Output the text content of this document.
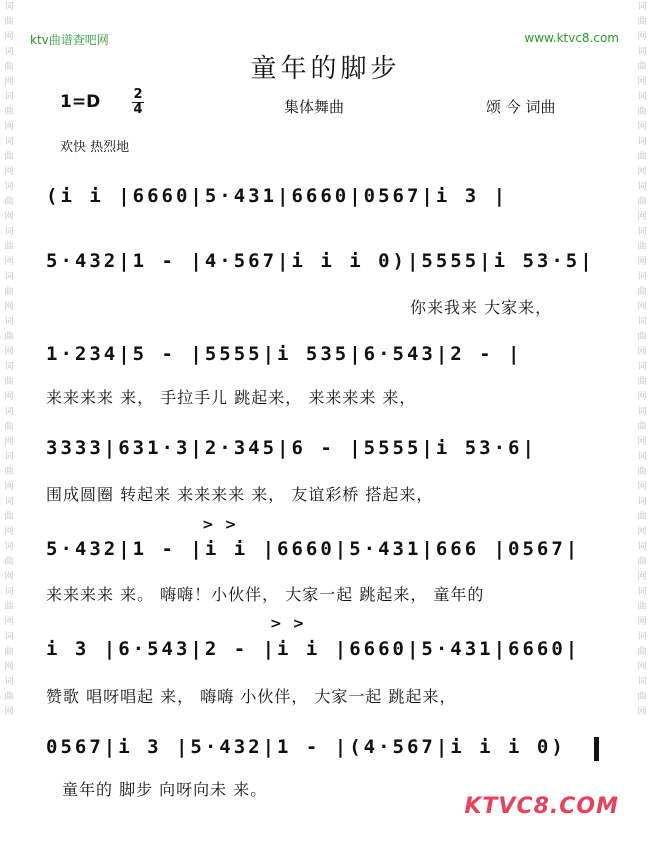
ktv曲谱查吧网	www.ktvc8.com
词曲网词曲网词曲网词曲网词曲网词曲网词曲网词曲网词曲网词曲网词曲网词曲网词曲网词曲网词曲网词曲网
词曲网词曲网词曲网词曲网词曲网词曲网词曲网词曲网词曲网词曲网词曲网词曲网词曲网词曲网词曲网词曲网
童年的脚步
1=D	2
4	集体舞曲	颂 今 词曲
欢快 热烈地
(i i |6660|5·431|6660|0567|i 3 |
5·432|1 - |4·567|i i i 0)|5555|i 53·5|
你来我来 大家来，
1·234|5 - |5555|i 535|6·543|2 - |
来来来来 来， 手拉手儿 跳起来， 来来来来 来，
3333|631·3|2·345|6 - |5555|i 53·6|
围成圆圈 转起来 来来来来 来， 友谊彩桥 搭起来，
> >
5·432|1 - |i i |6660|5·431|666 |0567|
来来来来 来。 嗨嗨！小伙伴， 大家一起 跳起来， 童年的
> >
i 3 |6·543|2 - |i i |6660|5·431|6660|
赞歌 唱呀唱起 来， 嗨嗨 小伙伴， 大家一起 跳起来，
0567|i 3 |5·432|1 - |(4·567|i i i 0)
童年的 脚步 向呀向未 来。
KTVC8.COM
